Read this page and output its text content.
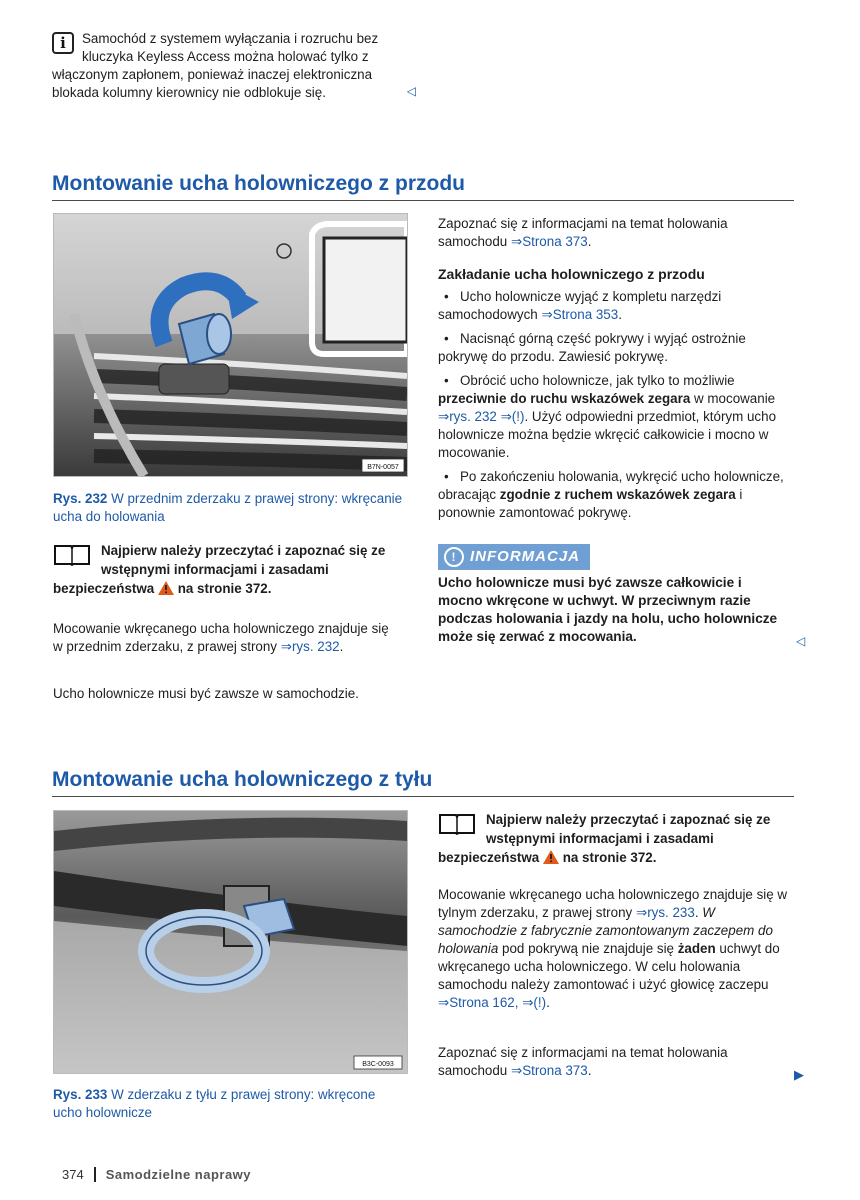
i	Samochód z systemem wyłączania i rozruchu bez kluczyka Keyless Access można holować tylko z włączonym zapłonem, ponieważ inaczej elektroniczna blokada kolumny kierownicy nie odblokuje się.	◁
Montowanie ucha holowniczego z przodu
B7N-0057
Rys. 232 W przednim zderzaku z prawej strony: wkręcanie ucha do holowania
Najpierw należy przeczytać i zapoznać się ze wstępnymi informacjami i zasadami bezpieczeństwa na stronie 372.

Mocowanie wkręcanego ucha holowniczego znajduje się w przednim zderzaku, z prawej strony ⇒rys. 232.

Ucho holownicze musi być zawsze w samochodzie.

Zapoznać się z informacjami na temat holowania samochodu ⇒Strona 373.

Zakładanie ucha holowniczego z przodu
• Ucho holownicze wyjąć z kompletu narzędzi samochodowych ⇒Strona 353.
• Nacisnąć górną część pokrywy i wyjąć ostrożnie pokrywę do przodu. Zawiesić pokrywę.
• Obrócić ucho holownicze, jak tylko to możliwie przeciwnie do ruchu wskazówek zegara w mocowanie ⇒rys. 232 ⇒(!). Użyć odpowiedni przedmiot, którym ucho holownicze można będzie wkręcić całkowicie i mocno w mocowanie.
• Po zakończeniu holowania, wykręcić ucho holownicze, obracając zgodnie z ruchem wskazówek zegara i ponownie zamontować pokrywę.
! INFORMACJA

Ucho holownicze musi być zawsze całkowicie i mocno wkręcone w uchwyt. W przeciwnym razie podczas holowania i jazdy na holu, ucho holownicze może się zerwać z mocowania.	◁
Montowanie ucha holowniczego z tyłu
B3C-0093
Rys. 233 W zderzaku z tyłu z prawej strony: wkręcone ucho holownicze
Najpierw należy przeczytać i zapoznać się ze wstępnymi informacjami i zasadami bezpieczeństwa na stronie 372.

Mocowanie wkręcanego ucha holowniczego znajduje się w tylnym zderzaku, z prawej strony ⇒rys. 233. W samochodzie z fabrycznie zamontowanym zaczepem do holowania pod pokrywą nie znajduje się żaden uchwyt do wkręcanego ucha holowniczego. W celu holowania samochodu należy zamontować i użyć głowicę zaczepu ⇒Strona 162, ⇒(!).

Zapoznać się z informacjami na temat holowania samochodu ⇒Strona 373.	▶
374 Samodzielne naprawy
